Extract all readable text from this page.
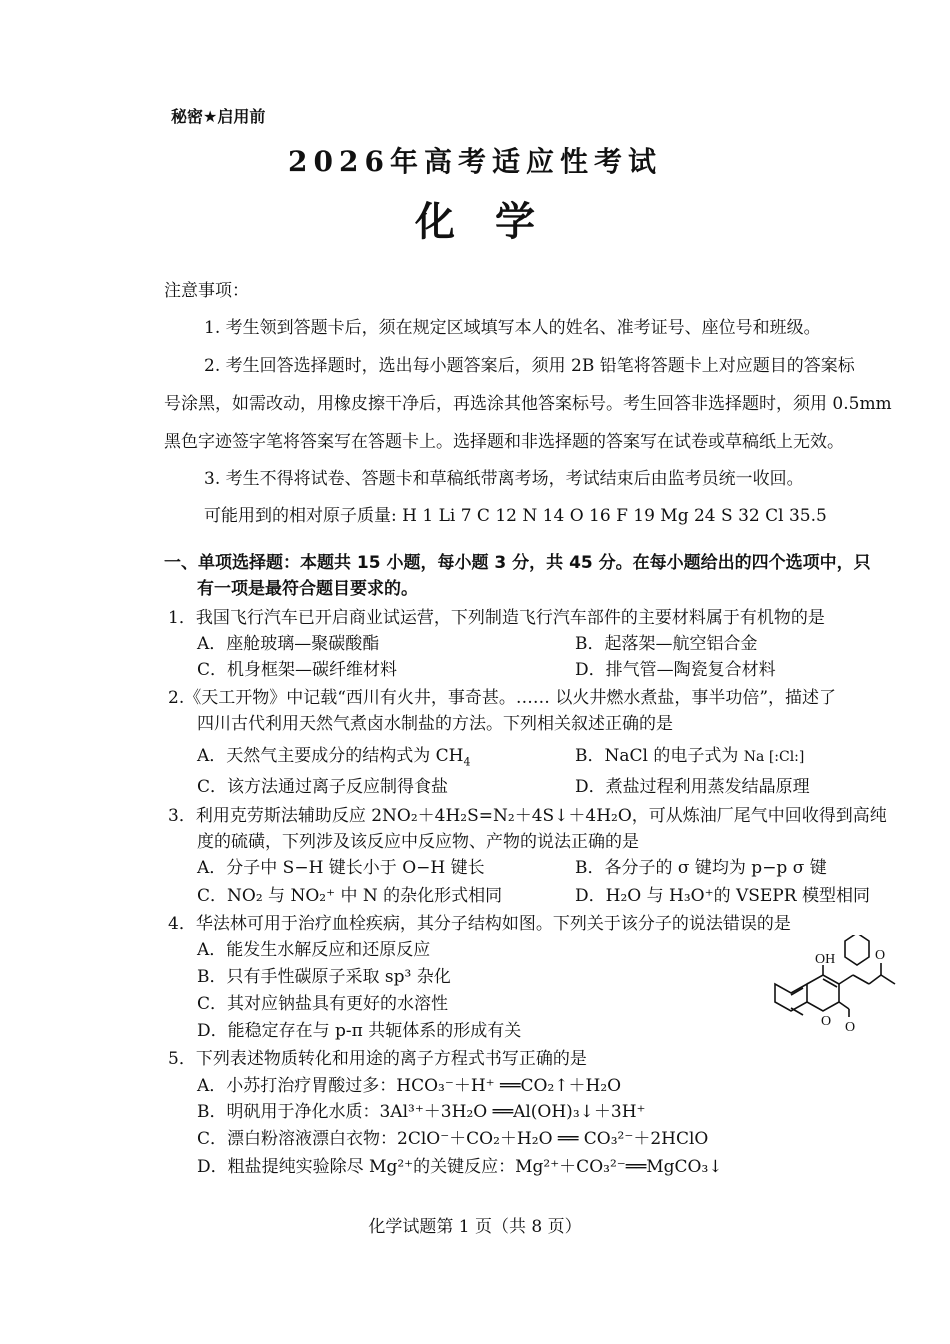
秘密★启用前
2026年高考适应性考试
化学
注意事项：
1. 考生领到答题卡后，须在规定区域填写本人的姓名、准考证号、座位号和班级。
2. 考生回答选择题时，选出每小题答案后，须用 2B 铅笔将答题卡上对应题目的答案标
号涂黑，如需改动，用橡皮擦干净后，再选涂其他答案标号。考生回答非选择题时，须用 0.5mm
黑色字迹签字笔将答案写在答题卡上。选择题和非选择题的答案写在试卷或草稿纸上无效。
3. 考生不得将试卷、答题卡和草稿纸带离考场，考试结束后由监考员统一收回。
可能用到的相对原子质量: H 1 Li 7 C 12 N 14 O 16 F 19 Mg 24 S 32 Cl 35.5
一、单项选择题：本题共 15 小题，每小题 3 分，共 45 分。在每小题给出的四个选项中，只
有一项是最符合题目要求的。
1．我国飞行汽车已开启商业试运营，下列制造飞行汽车部件的主要材料属于有机物的是
A．座舱玻璃—聚碳酸酯	B．起落架—航空铝合金
C．机身框架—碳纤维材料	D．排气管—陶瓷复合材料
2.《天工开物》中记载“西川有火井，事奇甚。…… 以火井燃水煮盐，事半功倍”，描述了
四川古代利用天然气煮卤水制盐的方法。下列相关叙述正确的是
A．天然气主要成分的结构式为 $CH_4$	B．NaCl 的电子式为 Na [:Cl:]
C．该方法通过离子反应制得食盐	D．煮盐过程利用蒸发结晶原理
3．利用克劳斯法辅助反应 2NO₂＋4H₂S=N₂＋4S↓＋4H₂O，可从炼油厂尾气中回收得到高纯
度的硫磺，下列涉及该反应中反应物、产物的说法正确的是
A．分子中 S−H 键长小于 O−H 键长	B．各分子的 σ 键均为 p−p σ 键
C．NO₂ 与 NO₂⁺ 中 N 的杂化形式相同	D．H₂O 与 H₃O⁺的 VSEPR 模型相同
4．华法林可用于治疗血栓疾病，其分子结构如图。下列关于该分子的说法错误的是
A．能发生水解反应和还原反应
B．只有手性碳原子采取 sp³ 杂化
C．其对应钠盐具有更好的水溶性
D．能稳定存在与 p-π 共轭体系的形成有关
OH	O
O O
5．下列表述物质转化和用途的离子方程式书写正确的是
A．小苏打治疗胃酸过多：HCO₃⁻＋H⁺ ══CO₂↑＋H₂O
B．明矾用于净化水质：3Al³⁺＋3H₂O ══Al(OH)₃↓＋3H⁺
C．漂白粉溶液漂白衣物：2ClO⁻＋CO₂＋H₂O ══ CO₃²⁻＋2HClO
D．粗盐提纯实验除尽 Mg²⁺的关键反应：Mg²⁺＋CO₃²⁻══MgCO₃↓
化学试题第 1 页（共 8 页）
